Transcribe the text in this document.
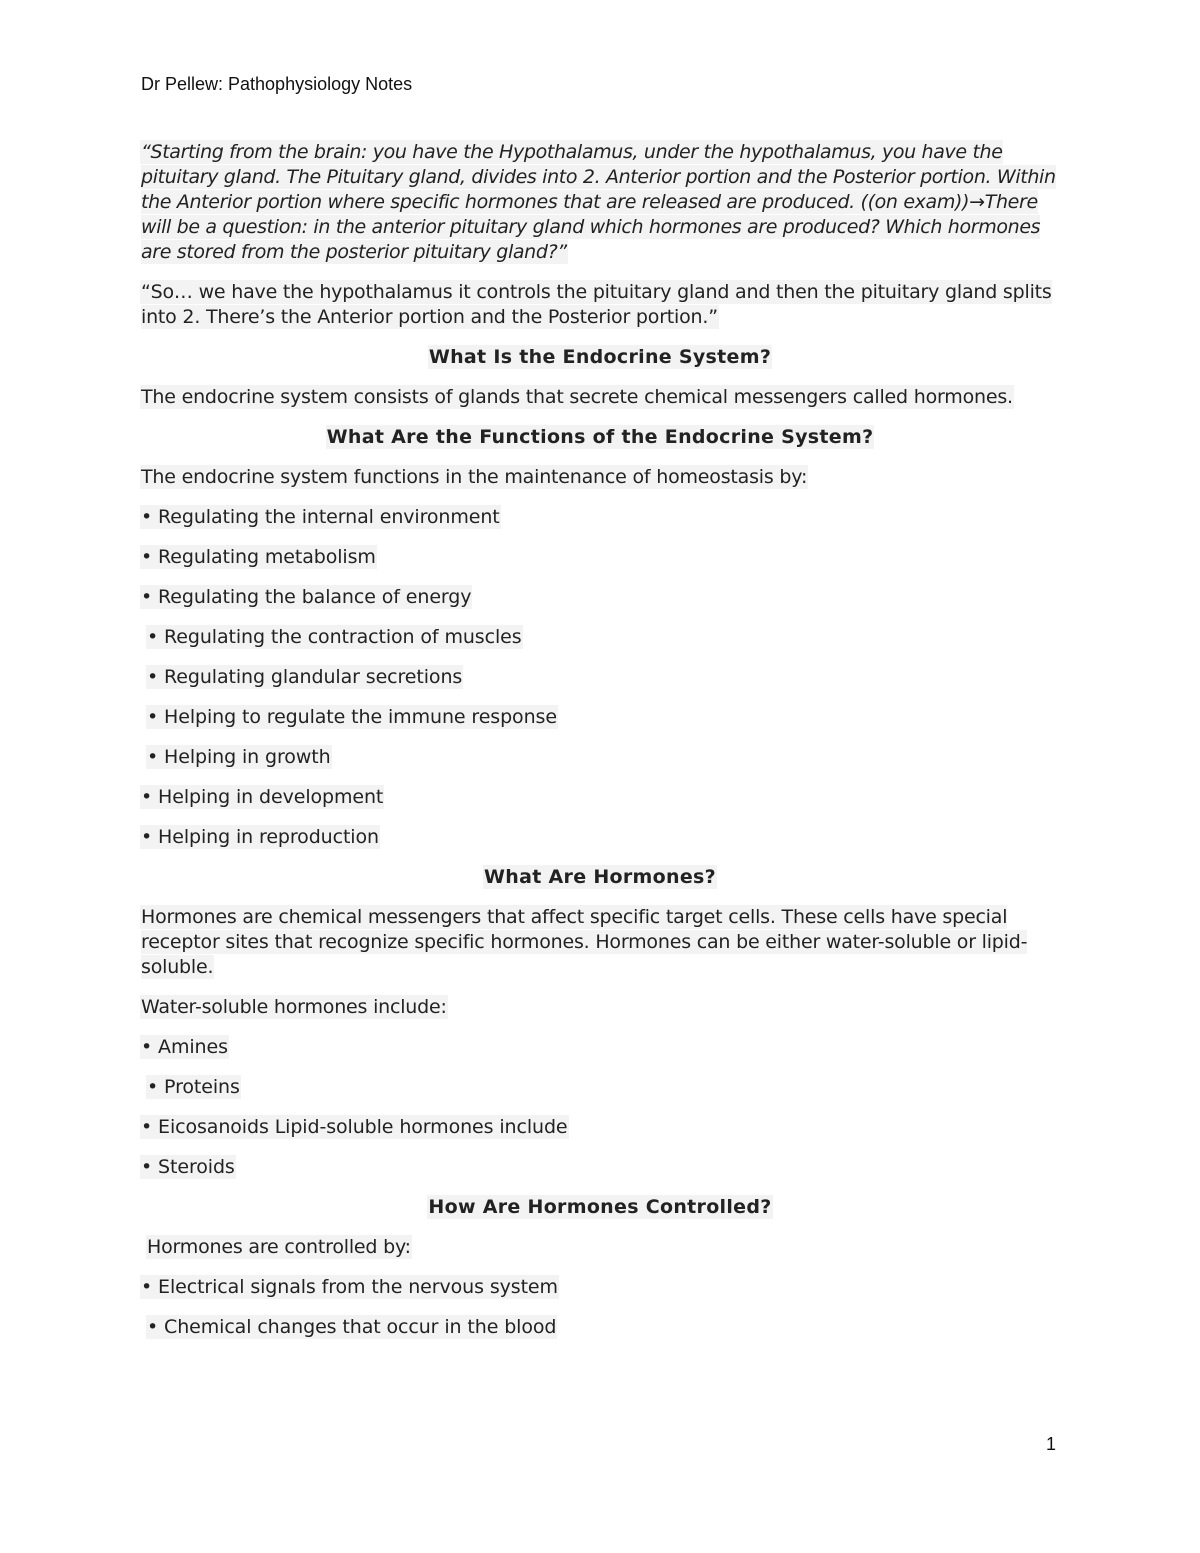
Dr Pellew: Pathophysiology Notes

“Starting from the brain: you have the Hypothalamus, under the hypothalamus, you have the pituitary gland. The Pituitary gland, divides into 2. Anterior portion and the Posterior portion. Within the Anterior portion where specific hormones that are released are produced. ((on exam))→There will be a question: in the anterior pituitary gland which hormones are produced? Which hormones are stored from the posterior pituitary gland?”

“So… we have the hypothalamus it controls the pituitary gland and then the pituitary gland splits into 2. There’s the Anterior portion and the Posterior portion.”

What Is the Endocrine System?

The endocrine system consists of glands that secrete chemical messengers called hormones.

What Are the Functions of the Endocrine System?

The endocrine system functions in the maintenance of homeostasis by:

• Regulating the internal environment

• Regulating metabolism

• Regulating the balance of energy

• Regulating the contraction of muscles

• Regulating glandular secretions

• Helping to regulate the immune response

• Helping in growth

• Helping in development

• Helping in reproduction

What Are Hormones?

Hormones are chemical messengers that affect specific target cells. These cells have special receptor sites that recognize specific hormones. Hormones can be either water-soluble or lipid-soluble.

Water-soluble hormones include:

• Amines

• Proteins

• Eicosanoids Lipid-soluble hormones include

• Steroids

How Are Hormones Controlled?

Hormones are controlled by:

• Electrical signals from the nervous system

• Chemical changes that occur in the blood

1
